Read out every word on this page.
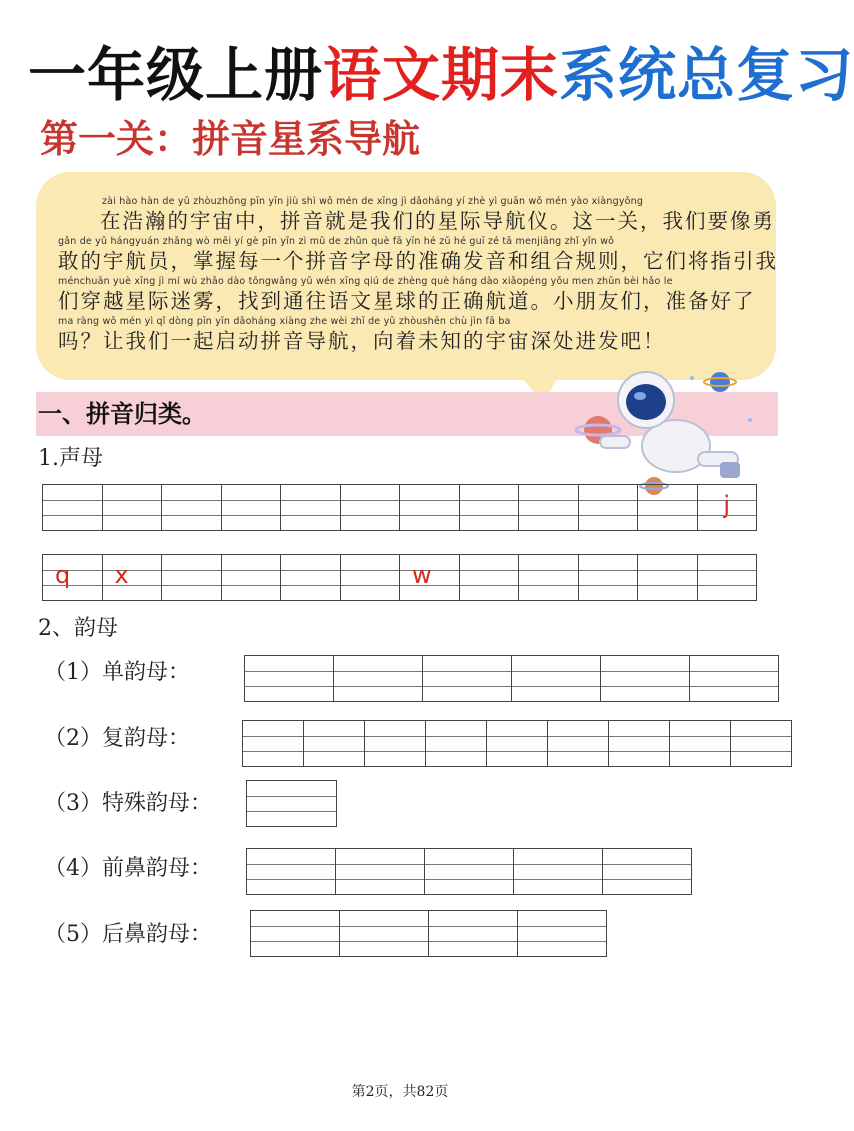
一年级上册语文期末系统总复习
第一关：拼音星系导航
zài hào hàn de yǔ zhòuzhōng pīn yīn jiù shì wǒ mén de xīng jì dǎoháng yí zhè yì guān wǒ mén yào xiàngyǒng
在浩瀚的宇宙中，拼音就是我们的星际导航仪。这一关，我们要像勇
gǎn de yǔ hángyuán zhǎng wò měi yí gè pīn yīn zì mǔ de zhǔn què fā yīn hé zǔ hé guī zé tā menjiāng zhǐ yǐn wǒ
敢的宇航员，掌握每一个拼音字母的准确发音和组合规则，它们将指引我
ménchuān yuè xīng jì mí wù zhǎo dào tōngwǎng yǔ wén xīng qiú de zhèng què háng dào xiǎopéng yǒu men zhǔn bèi hǎo le
们穿越星际迷雾，找到通往语文星球的正确航道。小朋友们，准备好了
ma ràng wǒ mén yì qǐ dòng pīn yīn dǎoháng xiàng zhe wèi zhī de yǔ zhòushēn chù jìn fā ba
吗？让我们一起启动拼音导航，向着未知的宇宙深处进发吧！
一、拼音归类。
1.声母
j
q	x	w
2、韵母
（1）单韵母：
（2）复韵母：
（3）特殊韵母：
（4）前鼻韵母：
（5）后鼻韵母：

第2页，共82页
